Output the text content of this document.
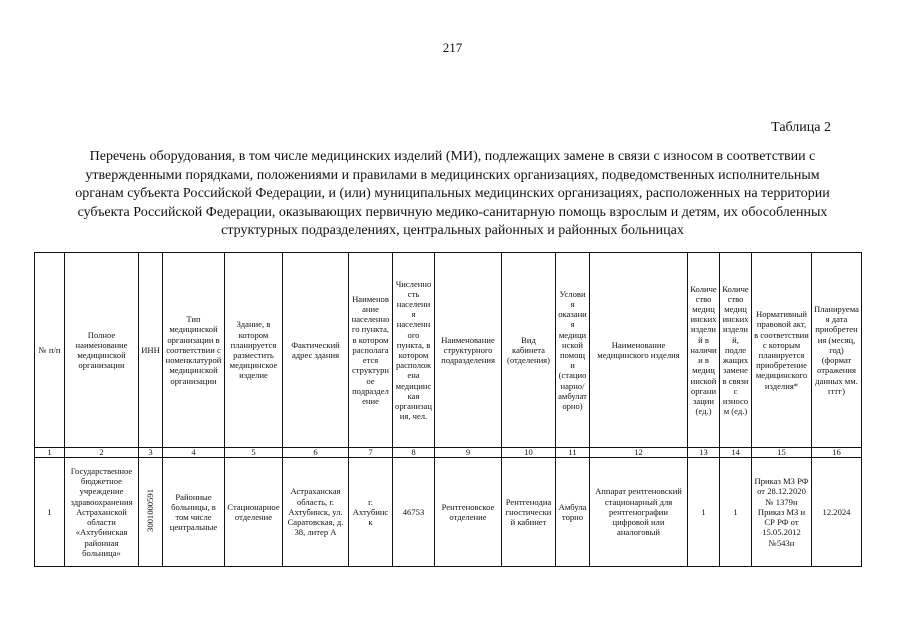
217
Таблица 2
Перечень оборудования, в том числе медицинских изделий (МИ), подлежащих замене в связи с износом в соответствии с утвержденными порядками, положениями и правилами в медицинских организациях, подведомственных исполнительным органам субъекта Российской Федерации, и (или) муниципальных медицинских организациях, расположенных на территории субъекта Российской Федерации, оказывающих первичную медико-санитарную помощь взрослым и детям, их обособленных структурных подразделениях, центральных районных и районных больницах
№ п/п	Полное наименование медицинской организации	ИНН	Тип медицинской организации в соответствии с номенклатурой медицинской организации	Здание, в котором планируется разместить медицинское изделие	Фактический адрес здания	Наименование населенного пункта, в котором располагается структурное подразделение	Численность населения населенного пункта, в котором расположена медицинская организация, чел.	Наименование структурного подразделения	Вид кабинета (отделения)	Условия оказания медицинской помощи (стационарно/амбулаторно)	Наименование медицинского изделия	Количество медицинских изделий в наличии в медицинской организации (ед.)	Количество медицинских изделий, подлежащих замене в связи с износом (ед.)	Нормативный правовой акт, в соответствии с которым планируется приобретение медицинского изделия*	Планируемая дата приобретения (месяц, год) (формат отражения данных мм. гггг)
1	2	3	4	5	6	7	8	9	10	11	12	13	14	15	16
1	Государственное бюджетное учреждение здравоохранения Астраханской области «Ахтубинская районная больница»	3001000591	Районные больницы, в том числе центральные	Стационарное отделение	Астраханская область, г. Ахтубинск, ул. Саратовская, д. 38, литер А	г. Ахтубинск	46753	Рентгеновское отделение	Рентгенодиагностический кабинет	Амбулаторно	Аппарат рентгеновский стационарный для рентгенографии цифровой или аналоговый	1	1	Приказ МЗ РФ от 28.12.2020 № 1379н Приказ МЗ и СР РФ от 15.05.2012 №543н	12.2024
